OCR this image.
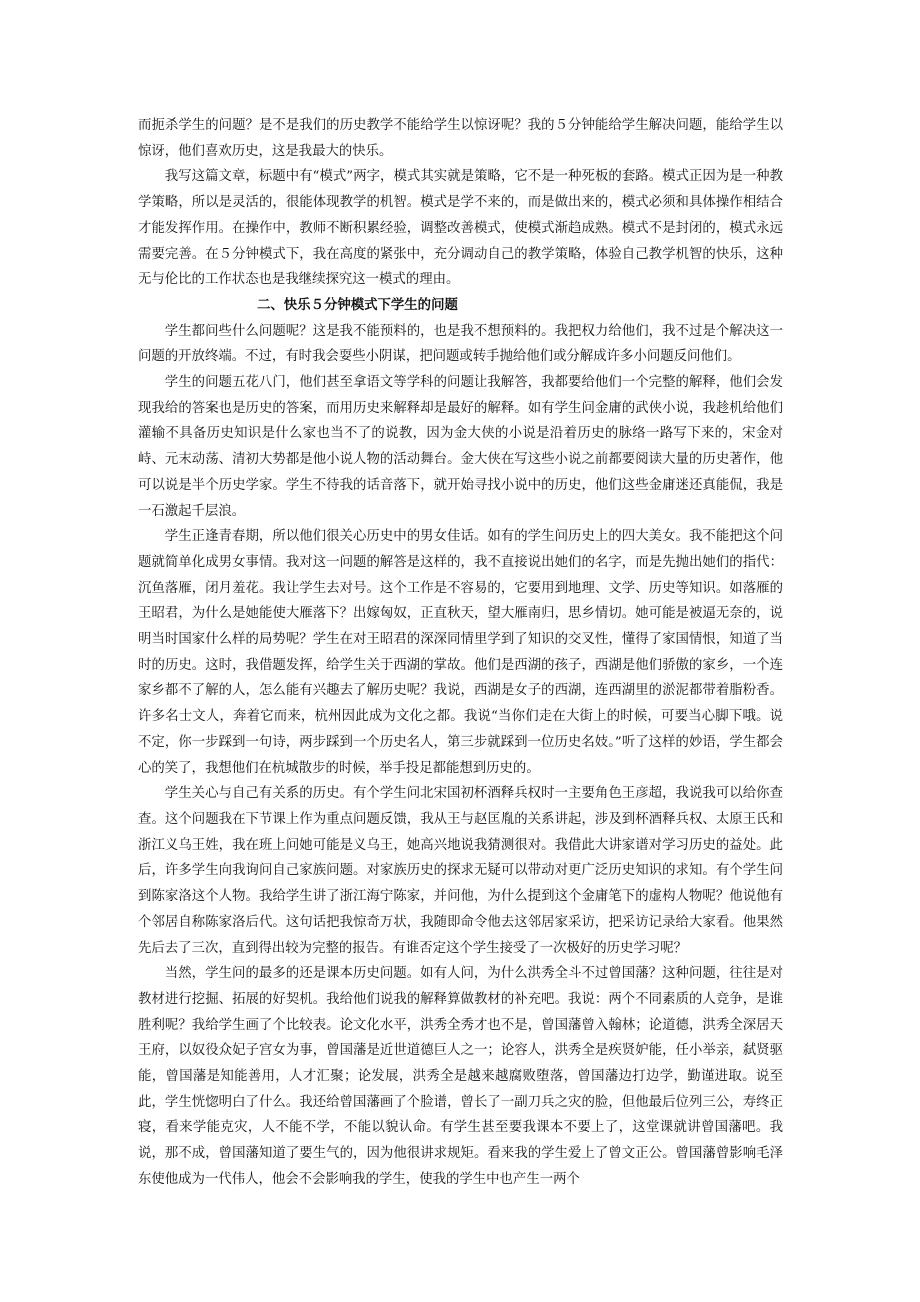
而扼杀学生的问题？是不是我们的历史教学不能给学生以惊讶呢？我的５分钟能给学生解决问题，能给学生以惊讶，他们喜欢历史，这是我最大的快乐。

我写这篇文章，标题中有“模式”两字，模式其实就是策略，它不是一种死板的套路。模式正因为是一种教学策略，所以是灵活的，很能体现教学的机智。模式是学不来的，而是做出来的，模式必须和具体操作相结合才能发挥作用。在操作中，教师不断积累经验，调整改善模式，使模式渐趋成熟。模式不是封闭的，模式永远需要完善。在５分钟模式下，我在高度的紧张中，充分调动自己的教学策略，体验自己教学机智的快乐，这种无与伦比的工作状态也是我继续探究这一模式的理由。

二、快乐５分钟模式下学生的问题

学生都问些什么问题呢？这是我不能预料的，也是我不想预料的。我把权力给他们，我不过是个解决这一问题的开放终端。不过，有时我会耍些小阴谋，把问题或转手抛给他们或分解成许多小问题反问他们。

学生的问题五花八门，他们甚至拿语文等学科的问题让我解答，我都要给他们一个完整的解释，他们会发现我给的答案也是历史的答案，而用历史来解释却是最好的解释。如有学生问金庸的武侠小说，我趁机给他们灌输不具备历史知识是什么家也当不了的说教，因为金大侠的小说是沿着历史的脉络一路写下来的，宋金对峙、元末动荡、清初大势都是他小说人物的活动舞台。金大侠在写这些小说之前都要阅读大量的历史著作，他可以说是半个历史学家。学生不待我的话音落下，就开始寻找小说中的历史，他们这些金庸迷还真能侃，我是一石激起千层浪。

学生正逢青春期，所以他们很关心历史中的男女佳话。如有的学生问历史上的四大美女。我不能把这个问题就简单化成男女事情。我对这一问题的解答是这样的，我不直接说出她们的名字，而是先抛出她们的指代：沉鱼落雁，闭月羞花。我让学生去对号。这个工作是不容易的，它要用到地理、文学、历史等知识。如落雁的王昭君，为什么是她能使大雁落下？出嫁匈奴，正直秋天，望大雁南归，思乡情切。她可能是被逼无奈的，说明当时国家什么样的局势呢？学生在对王昭君的深深同情里学到了知识的交叉性，懂得了家国情恨，知道了当时的历史。这时，我借题发挥，给学生关于西湖的掌故。他们是西湖的孩子，西湖是他们骄傲的家乡，一个连家乡都不了解的人，怎么能有兴趣去了解历史呢？我说，西湖是女子的西湖，连西湖里的淤泥都带着脂粉香。许多名士文人，奔着它而来，杭州因此成为文化之都。我说“当你们走在大街上的时候，可要当心脚下哦。说不定，你一步踩到一句诗，两步踩到一个历史名人，第三步就踩到一位历史名妓。”听了这样的妙语，学生都会心的笑了，我想他们在杭城散步的时候，举手投足都能想到历史的。

学生关心与自己有关系的历史。有个学生问北宋国初杯酒释兵权时一主要角色王彦超，我说我可以给你查查。这个问题我在下节课上作为重点问题反馈，我从王与赵匡胤的关系讲起，涉及到杯酒释兵权、太原王氏和浙江义乌王姓，我在班上问她可能是义乌王，她高兴地说我猜测很对。我借此大讲家谱对学习历史的益处。此后，许多学生向我询问自己家族问题。对家族历史的探求无疑可以带动对更广泛历史知识的求知。有个学生问到陈家洛这个人物。我给学生讲了浙江海宁陈家，并问他，为什么提到这个金庸笔下的虚构人物呢？他说他有个邻居自称陈家洛后代。这句话把我惊奇万状，我随即命令他去这邻居家采访，把采访记录给大家看。他果然先后去了三次，直到得出较为完整的报告。有谁否定这个学生接受了一次极好的历史学习呢？

当然，学生问的最多的还是课本历史问题。如有人问，为什么洪秀全斗不过曾国藩？这种问题，往往是对教材进行挖掘、拓展的好契机。我给他们说我的解释算做教材的补充吧。我说：两个不同素质的人竞争，是谁胜利呢？我给学生画了个比较表。论文化水平，洪秀全秀才也不是，曾国藩曾入翰林；论道德，洪秀全深居天王府，以奴役众妃子宫女为事，曾国藩是近世道德巨人之一；论容人，洪秀全是疾贤妒能，任小举亲，弑贤驱能，曾国藩是知能善用，人才汇聚；论发展，洪秀全是越来越腐败堕落，曾国藩边打边学，勤谨进取。说至此，学生恍惚明白了什么。我还给曾国藩画了个脸谱，曾长了一副刀兵之灾的脸，但他最后位列三公，寿终正寝，看来学能克灾，人不能不学，不能以貌认命。有学生甚至要我课本不要上了，这堂课就讲曾国藩吧。我说，那不成，曾国藩知道了要生气的，因为他很讲求规矩。看来我的学生爱上了曾文正公。曾国藩曾影响毛泽东使他成为一代伟人，他会不会影响我的学生，使我的学生中也产生一两个
